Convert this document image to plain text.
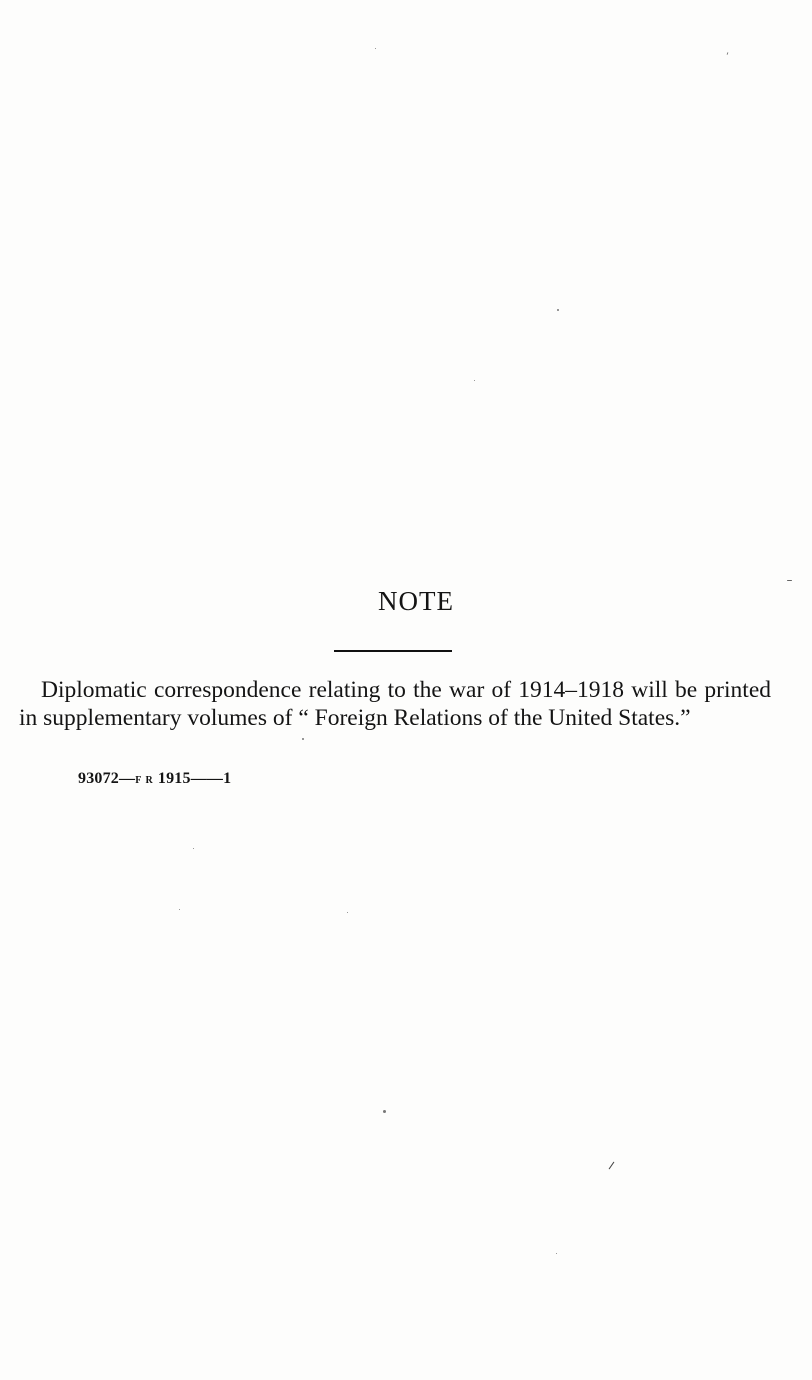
NOTE

Diplomatic correspondence relating to the war of 1914–1918 will be printed in supplementary volumes of “ Foreign Relations of the United States.”

93072—F R 1915——1
